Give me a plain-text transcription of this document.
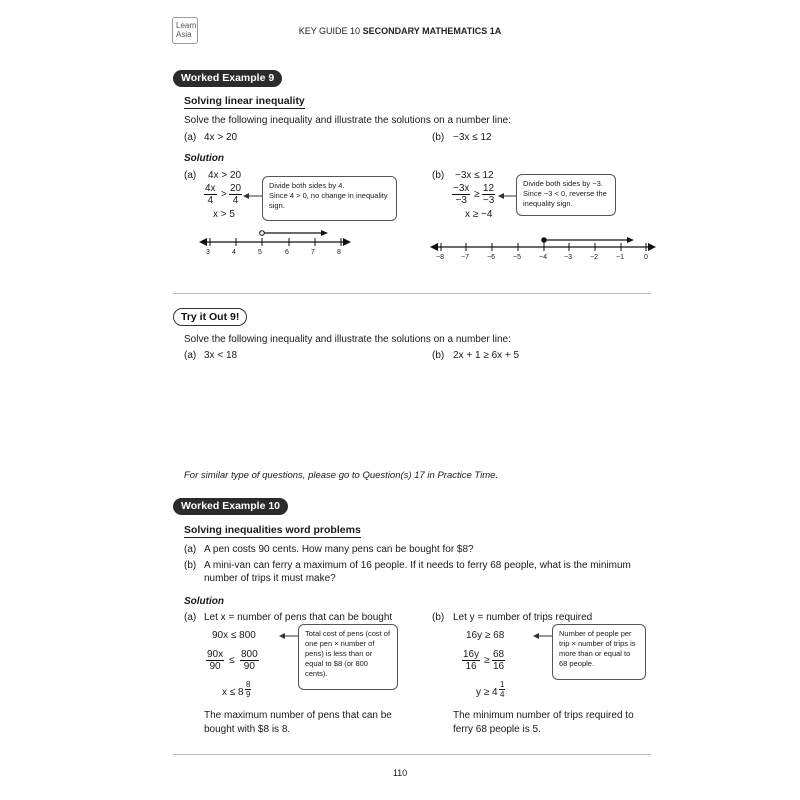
Learn
Asia	KEY GUIDE 10 SECONDARY MATHEMATICS 1A
Worked Example 9
Solving linear inequality
Solve the following inequality and illustrate the solutions on a number line:
(a) 4x > 20	(b) −3x ≤ 12
Solution
(a) 4x > 20
$\frac{4x}{4} > \frac{20}{4}$
x > 5
Divide both sides by 4.
Since 4 > 0, no change in inequality sign.
3	4	5	6	7	8
(b) −3x ≤ 12
$\frac{-3x}{-3} \ge \frac{12}{-3}$
x ≥ −4
Divide both sides by −3.
Since −3 < 0, reverse the inequality sign.
−8 −7	−6	−5	−4 −3	−2	−1	0
Try it Out 9!
Solve the following inequality and illustrate the solutions on a number line:
(a) 3x < 18	(b) 2x + 1 ≥ 6x + 5
For similar type of questions, please go to Question(s) 17 in Practice Time.
Worked Example 10
Solving inequalities word problems
(a) A pen costs 90 cents. How many pens can be bought for $8?
(b) A mini-van can ferry a maximum of 16 people. If it needs to ferry 68 people, what is the minimum
number of trips it must make?
Solution
(a) Let x = number of pens that can be bought
90x ≤ 800
$\frac{90x}{90} \le \frac{800}{90}$
$x \le 8 \frac{8}{9}$
Total cost of pens (cost of one pen × number of pens) is less than or equal to $8 (or 800 cents).
The maximum number of pens that can be
bought with $8 is 8.
(b) Let y = number of trips required
16y ≥ 68
$\frac{16y}{16} \ge \frac{68}{16}$
$y \ge 4 \frac{1}{4}$
Number of people per trip × number of trips is more than or equal to 68 people.
The minimum number of trips required to
ferry 68 people is 5.
110
